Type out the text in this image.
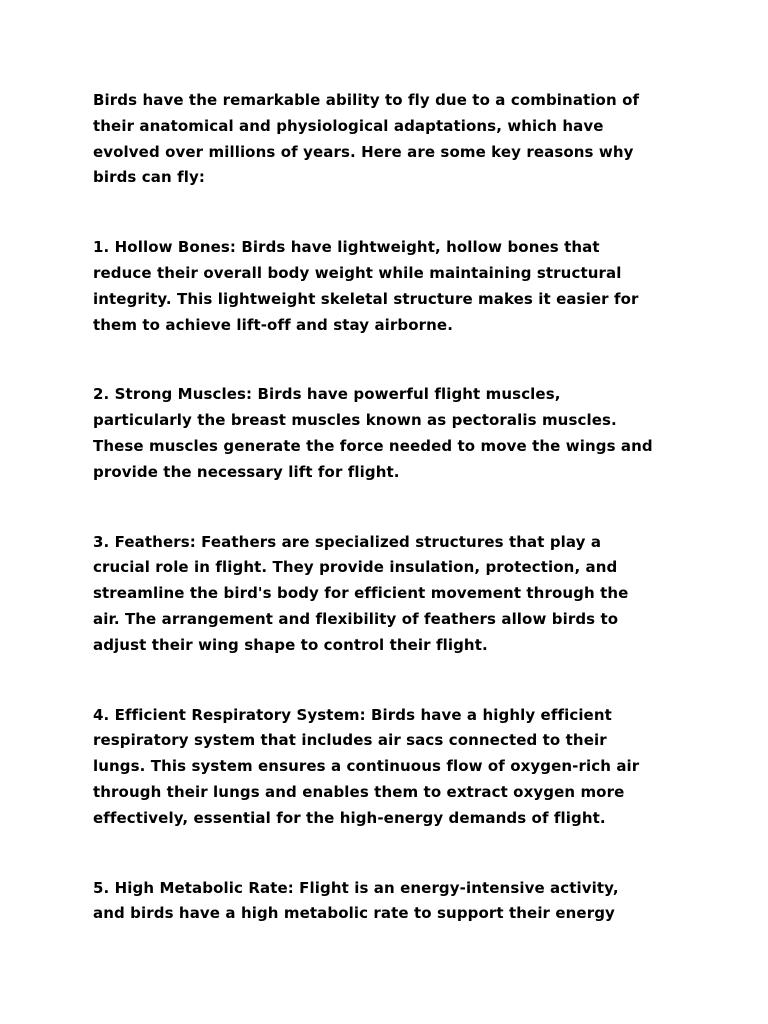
Birds have the remarkable ability to fly due to a combination of
their anatomical and physiological adaptations, which have
evolved over millions of years. Here are some key reasons why
birds can fly:

1. Hollow Bones: Birds have lightweight, hollow bones that
reduce their overall body weight while maintaining structural
integrity. This lightweight skeletal structure makes it easier for
them to achieve lift-off and stay airborne.

2. Strong Muscles: Birds have powerful flight muscles,
particularly the breast muscles known as pectoralis muscles.
These muscles generate the force needed to move the wings and
provide the necessary lift for flight.

3. Feathers: Feathers are specialized structures that play a
crucial role in flight. They provide insulation, protection, and
streamline the bird's body for efficient movement through the
air. The arrangement and flexibility of feathers allow birds to
adjust their wing shape to control their flight.

4. Efficient Respiratory System: Birds have a highly efficient
respiratory system that includes air sacs connected to their
lungs. This system ensures a continuous flow of oxygen-rich air
through their lungs and enables them to extract oxygen more
effectively, essential for the high-energy demands of flight.

5. High Metabolic Rate: Flight is an energy-intensive activity,
and birds have a high metabolic rate to support their energy
